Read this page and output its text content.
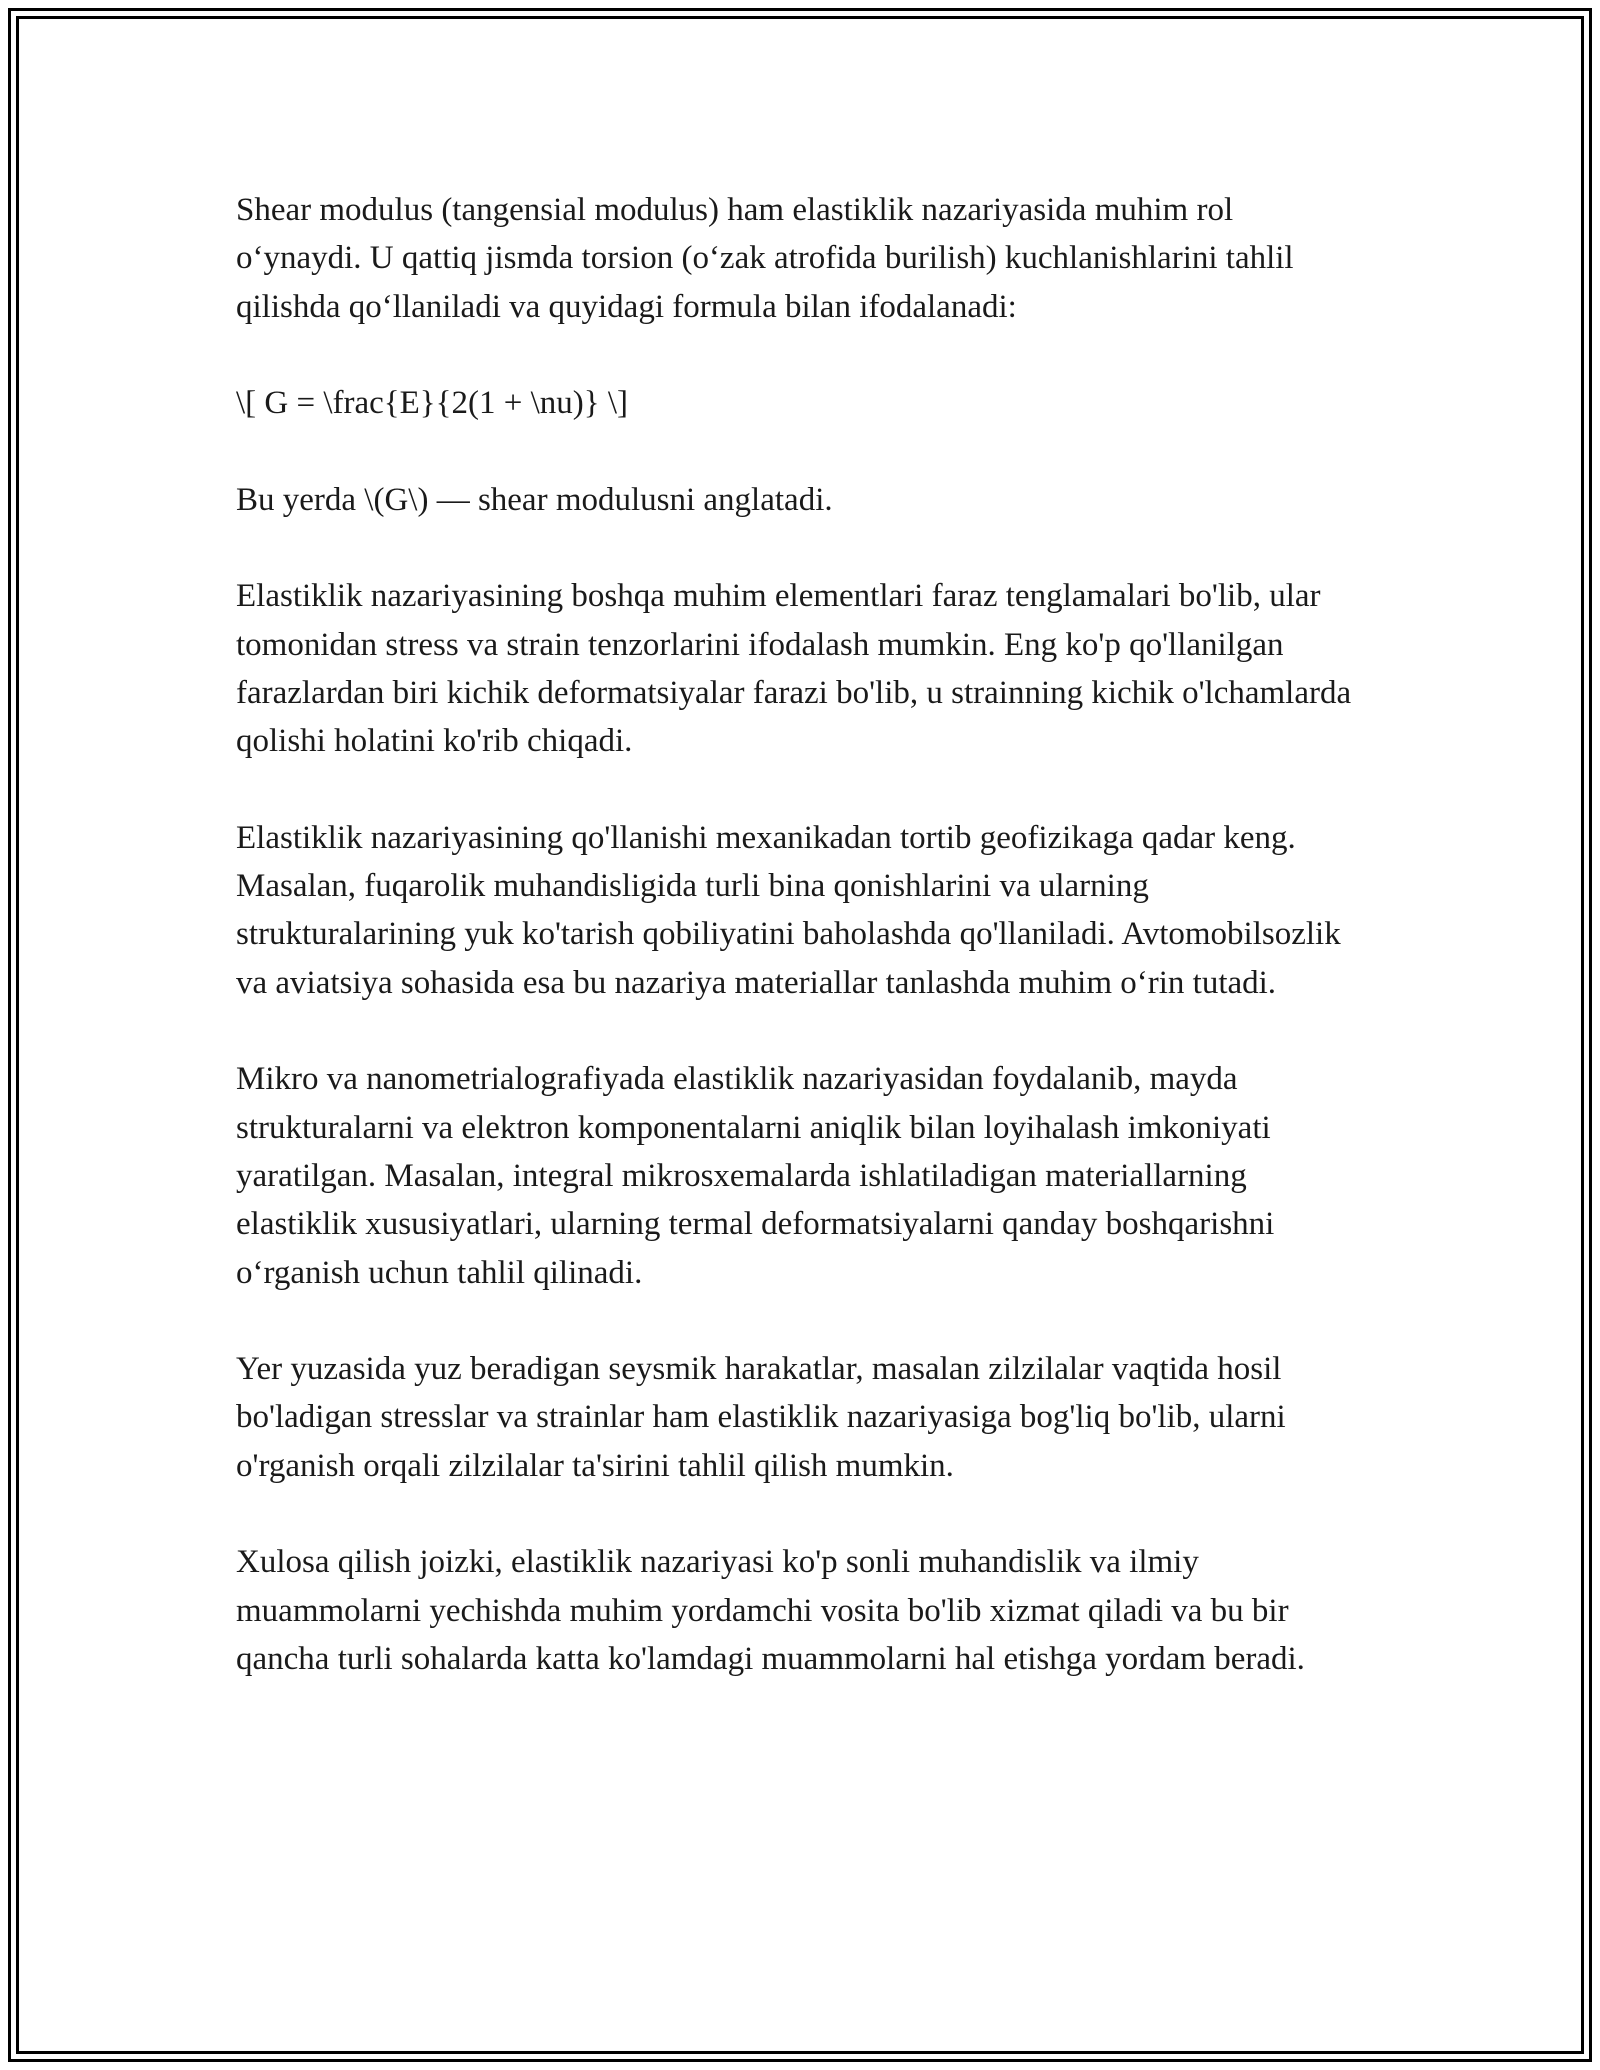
Shear modulus (tangensial modulus) ham elastiklik nazariyasida muhim rol o‘ynaydi. U qattiq jismda torsion (o‘zak atrofida burilish) kuchlanishlarini tahlil qilishda qo‘llaniladi va quyidagi formula bilan ifodalanadi:

\[ G = \frac{E}{2(1 + \nu)} \]

Bu yerda \(G\) — shear modulusni anglatadi.

Elastiklik nazariyasining boshqa muhim elementlari faraz tenglamalari bo'lib, ular tomonidan stress va strain tenzorlarini ifodalash mumkin. Eng ko'p qo'llanilgan farazlardan biri kichik deformatsiyalar farazi bo'lib, u strainning kichik o'lchamlarda qolishi holatini ko'rib chiqadi.

Elastiklik nazariyasining qo'llanishi mexanikadan tortib geofizikaga qadar keng. Masalan, fuqarolik muhandisligida turli bina qonishlarini va ularning strukturalarining yuk ko'tarish qobiliyatini baholashda qo'llaniladi. Avtomobilsozlik va aviatsiya sohasida esa bu nazariya materiallar tanlashda muhim o‘rin tutadi.

Mikro va nanometrialografiyada elastiklik nazariyasidan foydalanib, mayda strukturalarni va elektron komponentalarni aniqlik bilan loyihalash imkoniyati yaratilgan. Masalan, integral mikrosxemalarda ishlatiladigan materiallarning elastiklik xususiyatlari, ularning termal deformatsiyalarni qanday boshqarishni o‘rganish uchun tahlil qilinadi.

Yer yuzasida yuz beradigan seysmik harakatlar, masalan zilzilalar vaqtida hosil bo'ladigan stresslar va strainlar ham elastiklik nazariyasiga bog'liq bo'lib, ularni o'rganish orqali zilzilalar ta'sirini tahlil qilish mumkin.

Xulosa qilish joizki, elastiklik nazariyasi ko'p sonli muhandislik va ilmiy muammolarni yechishda muhim yordamchi vosita bo'lib xizmat qiladi va bu bir qancha turli sohalarda katta ko'lamdagi muammolarni hal etishga yordam beradi.
